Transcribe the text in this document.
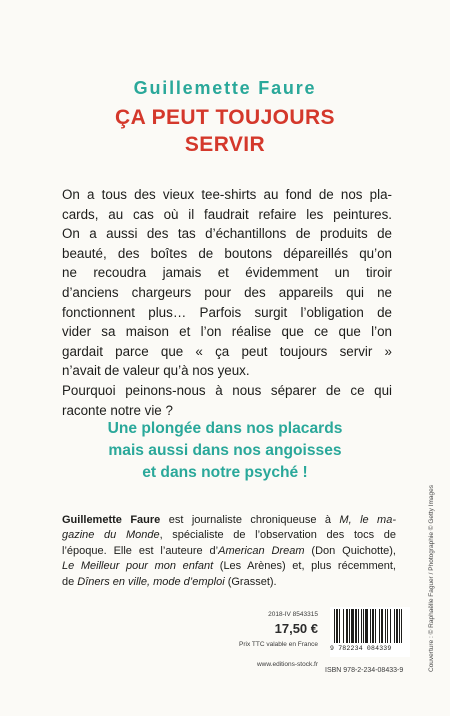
Guillemette Faure
ÇA PEUT TOUJOURS
SERVIR
On a tous des vieux tee-shirts au fond de nos pla-
cards, au cas où il faudrait refaire les peintures.
On a aussi des tas d’échantillons de produits de
beauté, des boîtes de boutons dépareillés qu’on
ne recoudra jamais et évidemment un tiroir
d’anciens chargeurs pour des appareils qui ne
fonctionnent plus… Parfois surgit l’obligation de
vider sa maison et l’on réalise que ce que l’on
gardait parce que « ça peut toujours servir »
n’avait de valeur qu’à nos yeux.
Pourquoi peinons-nous à nous séparer de ce qui
raconte notre vie ?
Une plongée dans nos placards
mais aussi dans nos angoisses
et dans notre psyché !
Guillemette Faure est journaliste chroniqueuse à M, le ma-
gazine du Monde, spécialiste de l’observation des tocs de
l’époque. Elle est l’auteure d’American Dream (Don Quichotte),
Le Meilleur pour mon enfant (Les Arènes) et, plus récemment,
de Dîners en ville, mode d’emploi (Grasset).	Couverture : © Raphaëlle Faguer / Photographie © Getty Images
2018-IV 8543315
17,50 €
Prix TTC valable en France
www.editions-stock.fr
9 782234 084339
ISBN 978-2-234-08433-9
